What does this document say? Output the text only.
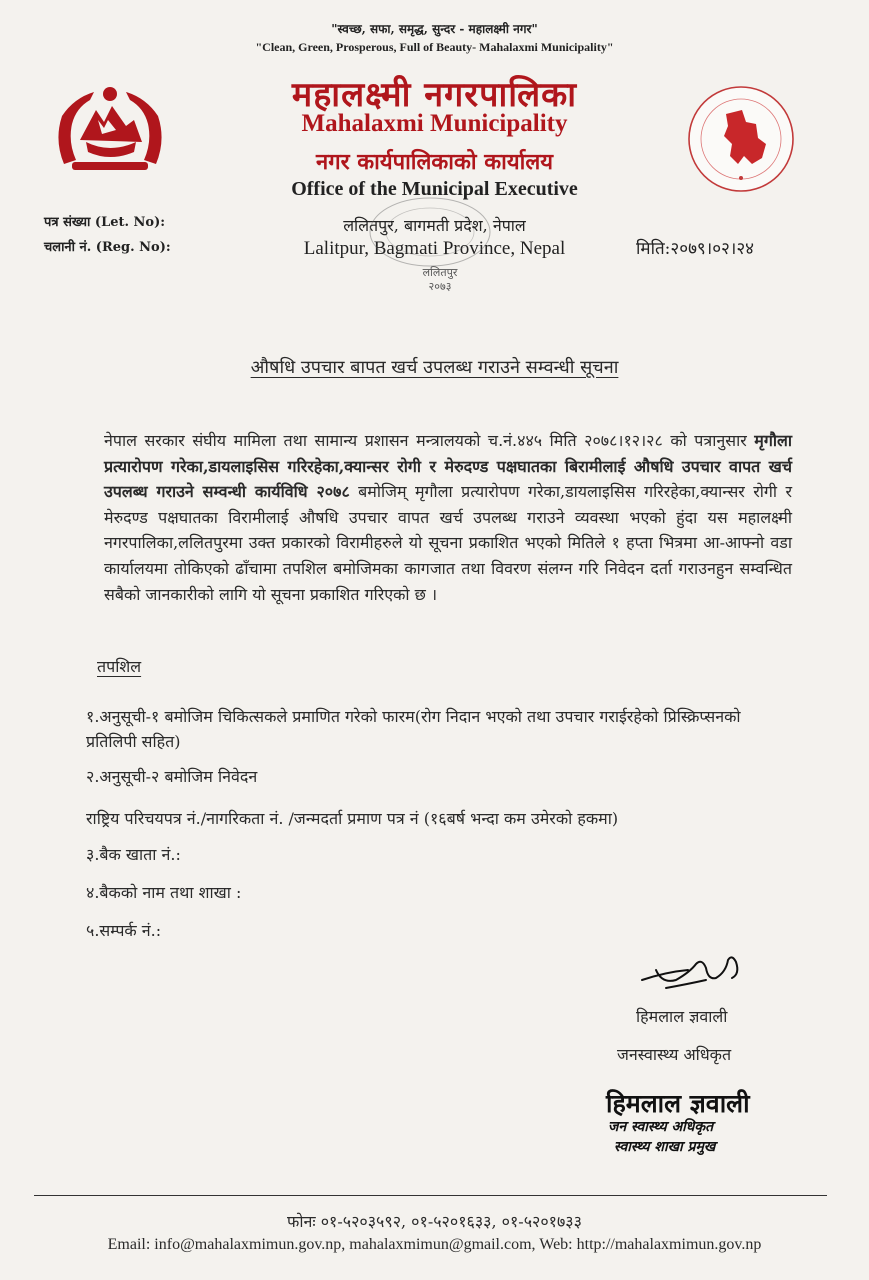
"स्वच्छ, सफा, समृद्ध, सुन्दर - महालक्ष्मी नगर"
"Clean, Green, Prosperous, Full of Beauty- Mahalaxmi Municipality"
महालक्ष्मी नगरपालिका
Mahalaxmi Municipality
नगर कार्यपालिकाको कार्यालय
Office of the Municipal Executive
ललितपुर, बागमती प्रदेश, नेपाल
Lalitpur, Bagmati Province, Nepal
ललितपुर
२०७३
पत्र संख्या (Let. No):
चलानी नं. (Reg. No):	मिति:२०७९।०२।२४
औषधि उपचार बापत खर्च उपलब्ध गराउने सम्वन्धी सूचना
नेपाल सरकार संघीय मामिला तथा सामान्य प्रशासन मन्त्रालयको च.नं.४४५ मिति २०७८।१२।२८ को पत्रानुसार मृगौला प्रत्यारोपण गरेका,डायलाइसिस गरिरहेका,क्यान्सर रोगी र मेरुदण्ड पक्षघातका बिरामीलाई औषधि उपचार वापत खर्च उपलब्ध गराउने सम्वन्धी कार्यविधि २०७८ बमोजिम् मृगौला प्रत्यारोपण गरेका,डायलाइसिस गरिरहेका,क्यान्सर रोगी र मेरुदण्ड पक्षघातका विरामीलाई औषधि उपचार वापत खर्च उपलब्ध गराउने व्यवस्था भएको हुंदा यस महालक्ष्मी नगरपालिका,ललितपुरमा उक्त प्रकारको विरामीहरुले यो सूचना प्रकाशित भएको मितिले १ हप्ता भित्रमा आ-आफ्नो वडा कार्यालयमा तोकिएको ढाँचामा तपशिल बमोजिमका कागजात तथा विवरण संलग्न गरि निवेदन दर्ता गराउनहुन सम्वन्धित सबैको जानकारीको लागि यो सूचना प्रकाशित गरिएको छ ।
तपशिल
१.अनुसूची-१ बमोजिम चिकित्सकले प्रमाणित गरेको फारम(रोग निदान भएको तथा उपचार गराईरहेको प्रिस्क्रिप्सनको प्रतिलिपी सहित)
२.अनुसूची-२ बमोजिम निवेदन
राष्ट्रिय परिचयपत्र नं./नागरिकता नं. /जन्मदर्ता प्रमाण पत्र नं (१६बर्ष भन्दा कम उमेरको हकमा)
३.बैक खाता नं.:
४.बैकको नाम तथा शाखा :
५.सम्पर्क नं.:
हिमलाल ज्ञवाली
जनस्वास्थ्य अधिकृत
हिमलाल ज्ञवाली
जन स्वास्थ्य अधिकृत
स्वास्थ्य शाखा प्रमुख
फोनः ०१-५२०३५९२, ०१-५२०१६३३, ०१-५२०१७३३
Email: info@mahalaxmimun.gov.np, mahalaxmimun@gmail.com, Web: http://mahalaxmimun.gov.np
